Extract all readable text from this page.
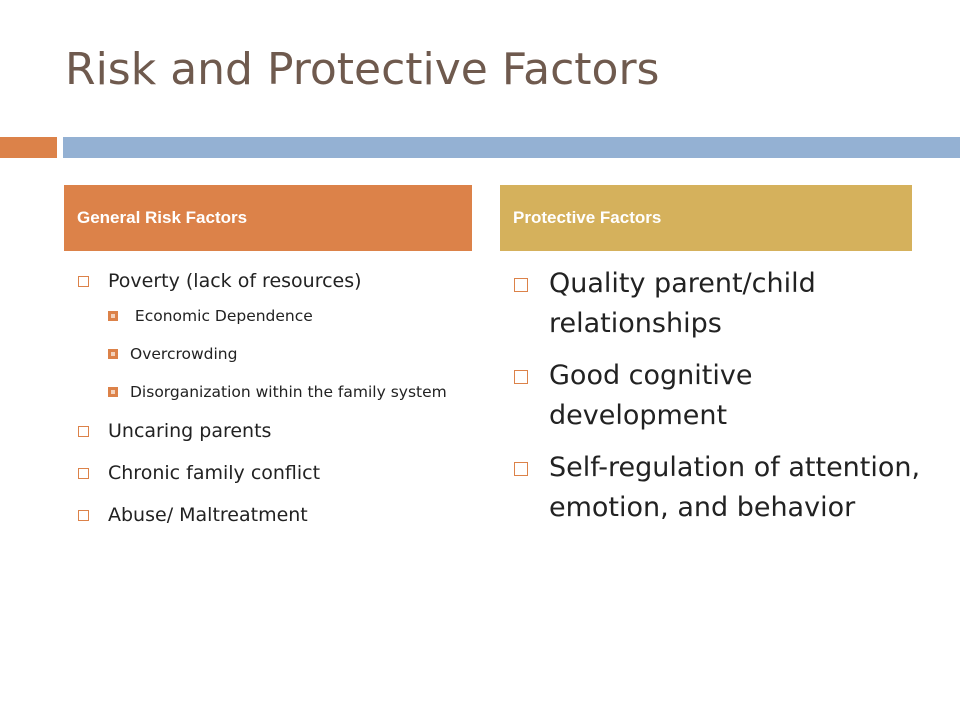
Risk and Protective Factors
General Risk Factors	Protective Factors
Poverty (lack of resources)
Economic Dependence
Overcrowding
Disorganization within the family system
Uncaring parents
Chronic family conflict
Abuse/ Maltreatment
Quality parent/child relationships
Good cognitive development
Self-regulation of attention, emotion, and behavior
